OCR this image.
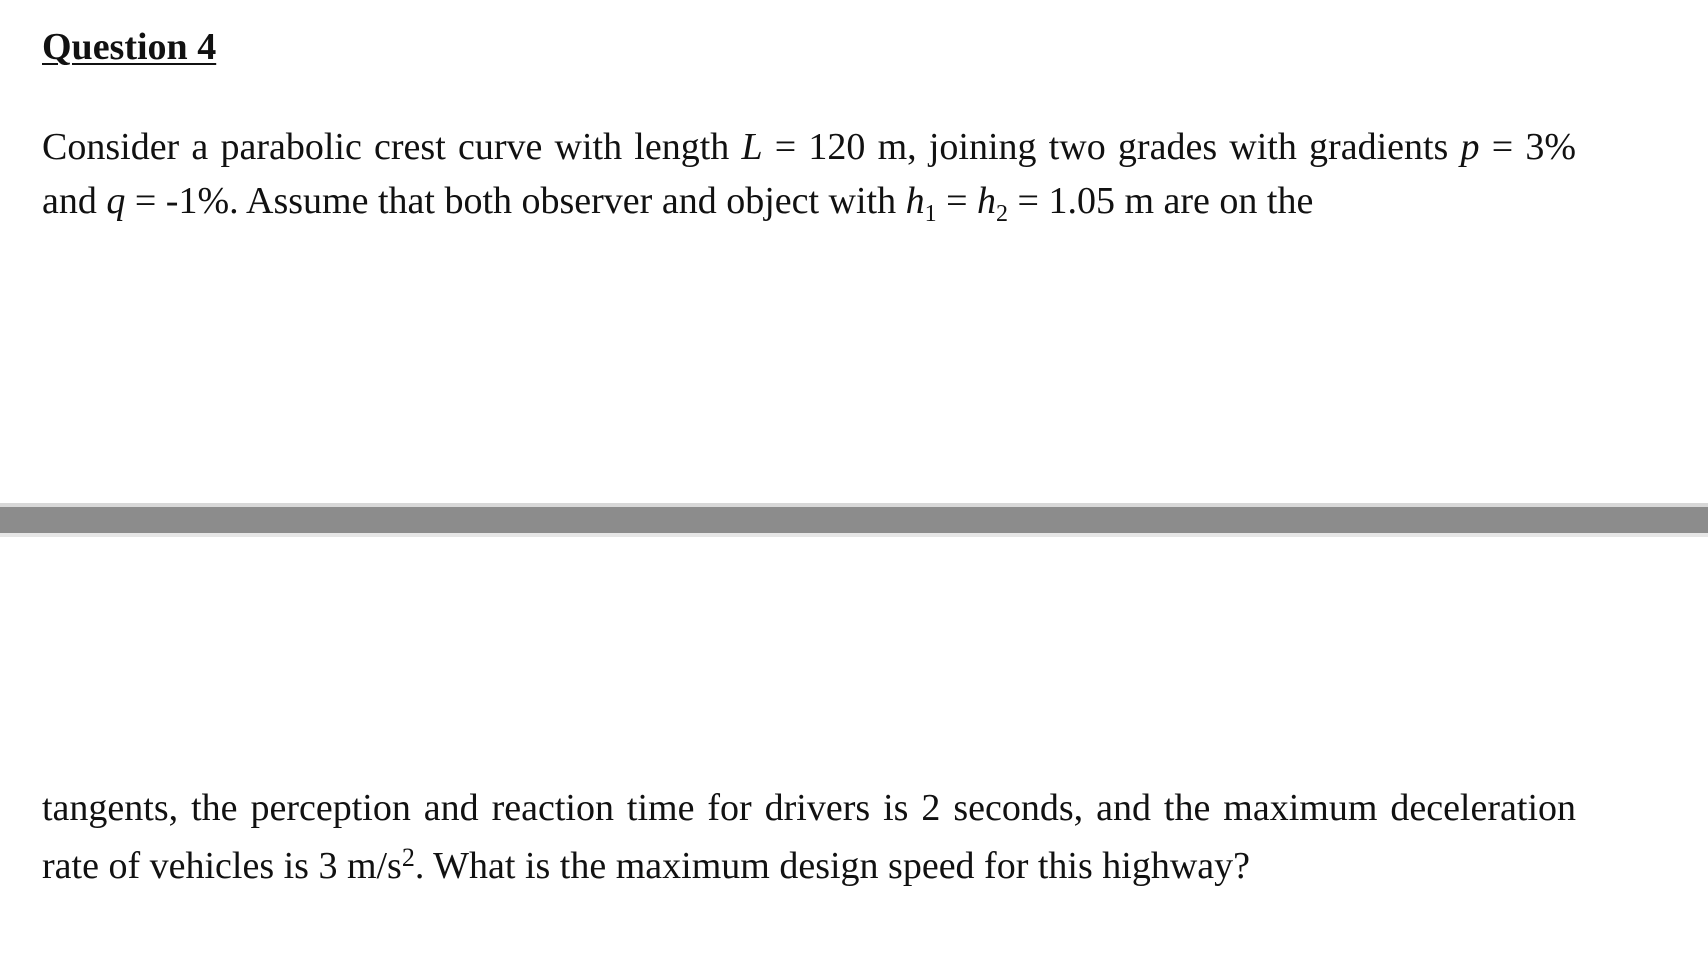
Question 4
Consider a parabolic crest curve with length L = 120 m, joining two grades with gradients p = 3% and q = -1%. Assume that both observer and object with $h_1 = h_2 = 1.05$ m are on the
tangents, the perception and reaction time for drivers is 2 seconds, and the maximum deceleration rate of vehicles is 3 $m/s^2$. What is the maximum design speed for this highway?
